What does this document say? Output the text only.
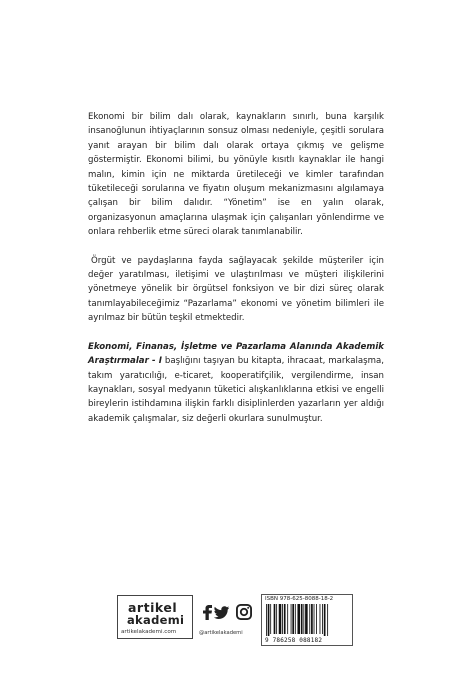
Ekonomi bir bilim dalı olarak, kaynakların sınırlı, buna karşılık insanoğlunun ihtiyaçlarının sonsuz olması nedeniyle, çeşitli sorulara yanıt arayan bir bilim dalı olarak ortaya çıkmış ve gelişme göstermiştir. Ekonomi bilimi, bu yönüyle kısıtlı kaynaklar ile hangi malın, kimin için ne miktarda üretileceği ve kimler tarafından tüketileceği sorularına ve fiyatın oluşum mekanizmasını algılamaya çalışan bir bilim dalıdır. “Yönetim” ise en yalın olarak, organizasyonun amaçlarına ulaşmak için çalışanları yönlendirme ve onlara rehberlik etme süreci olarak tanımlanabilir.

Örgüt ve paydaşlarına fayda sağlayacak şekilde müşteriler için değer yaratılması, iletişimi ve ulaştırılması ve müşteri ilişkilerini yönetmeye yönelik bir örgütsel fonksiyon ve bir dizi süreç olarak tanımlayabileceğimiz “Pazarlama” ekonomi ve yönetim bilimleri ile ayrılmaz bir bütün teşkil etmektedir.

Ekonomi, Finanas, İşletme ve Pazarlama Alanında Akademik Araştırmalar - I başlığını taşıyan bu kitapta, ihracaat, markalaşma, takım yaratıcılığı, e-ticaret, kooperatifçilik, vergilendirme, insan kaynakları, sosyal medyanın tüketici alışkanlıklarına etkisi ve engelli bireylerin istihdamına ilişkin farklı disiplinlerden yazarların yer aldığı akademik çalışmalar, siz değerli okurlara sunulmuştur.

artikel
akademi
artikelakademi.com	@artikelakademi
ISBN 978-625-8088-18-2
9 786258 088182
